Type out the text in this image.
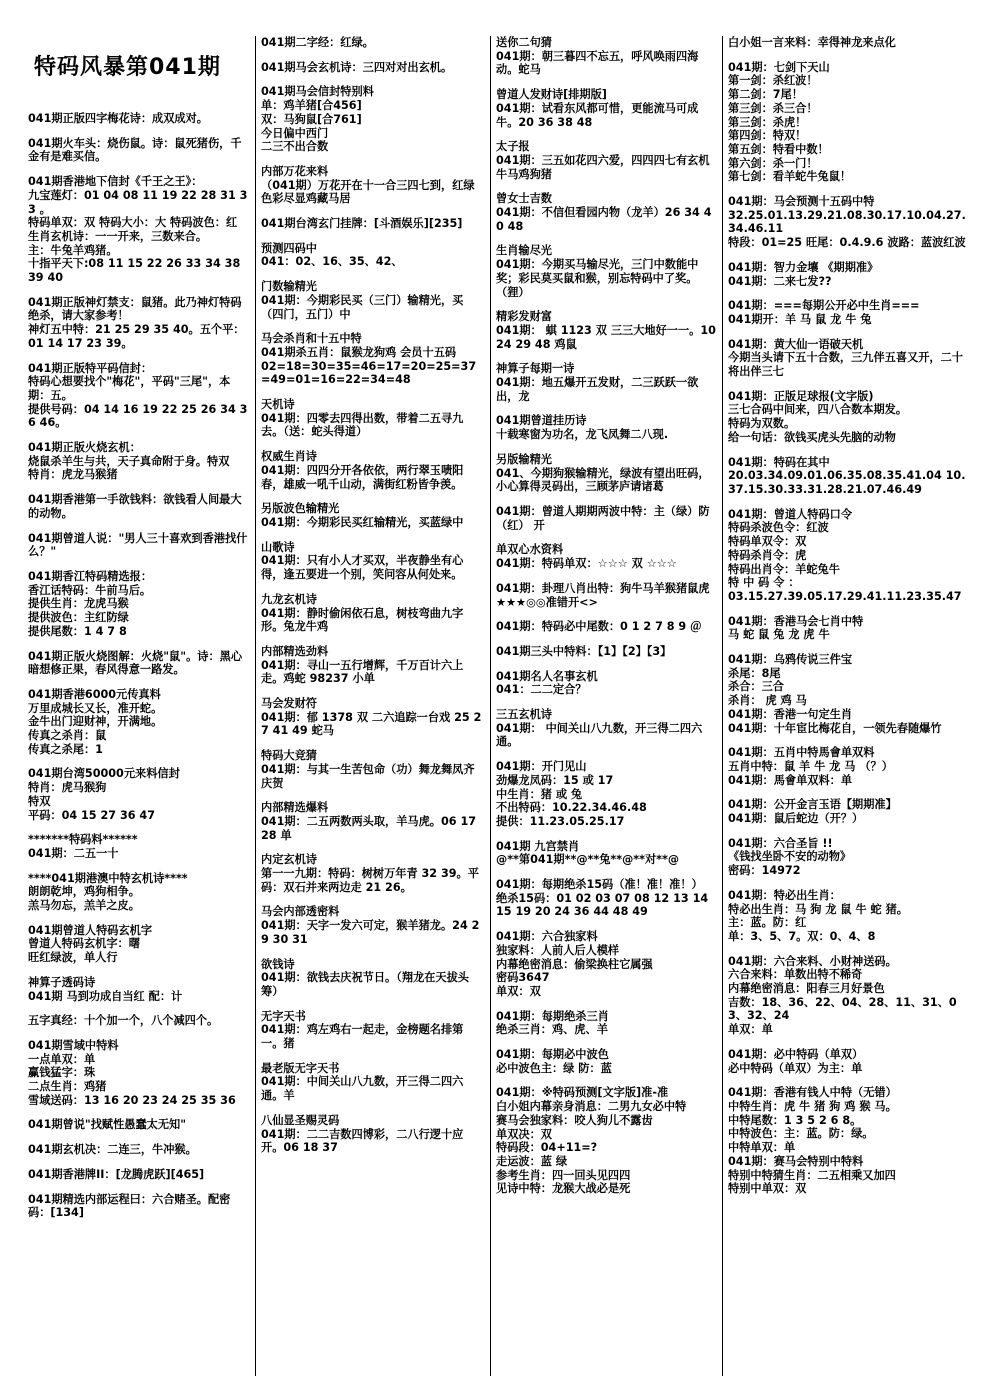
特码风暴第041期
041期正版四字梅花诗：成双成对。
041期火车头：烧伤鼠。诗：鼠死猪伤，千金有是难买信。
041期香港地下信封《千王之王》：
九宝莲灯：01 04 08 11 19 22 28 31 33 。
特码单双：双 特码大小：大 特码波色：红
生肖玄机诗：一一开来，三数来合。
主：牛兔羊鸡猪。
十指平天下:08 11 15 22 26 33 34 38 39 40
041期正版神灯禁支：鼠猪。此乃神灯特码绝杀，请大家参考！
神灯五中特：21 25 29 35 40。五个平：01 14 17 23 39。
041期正版特平码信封：
特码心想要找个"梅花"，平码"三尾"，本期：五。
提供号码：04 14 16 19 22 25 26 34 36 46。
041期正版火烧玄机：
烧鼠杀羊生与共，天子真命附于身。特双
特肖：虎龙马猴猪
041期香港第一手欲钱料：欲钱看人间最大的动物。
041期曾道人说："男人三十喜欢到香港找什么？"
041期香江特码精选报：
香江话特码：牛前马后。
提供生肖：龙虎马猴
提供波色：主红防绿
提供尾数：1 4 7 8
041期正版火烧图解：火烧"鼠"。诗：黑心暗想修正果，春风得意一路发。
041期香港6000元传真料
万里成城长又长，准开蛇。
金牛出门迎财神，开满地。
传真之杀肖：鼠
传真之杀尾：1
041期台湾50000元来料信封
特肖：虎马猴狗
特双
平码：04 15 27 36 47
*******特码料******
041期：二五一十
****041期港澳中特玄机诗****
朗朗乾坤，鸡狗相争。
羔马勿忘，羔羊之皮。
041期曾道人特码玄机字
曾道人特码玄机字：曙
旺红绿波，单人行
神算子透码诗
041期 马到功成自当红 配：计
五字真经：十个加一个，八个减四个。
041期雪域中特料
一点单双：单
赢钱猛字：珠
二点生肖：鸡猪
雪域送码：13 16 20 23 24 25 35 36
041期曾说"找赋性愚蠢太无知"
041期玄机决：二连三，牛冲猴。
041期香港牌II：[龙腾虎跃][465]
041期精选内部运程曰：六合赌圣。配密码：[134]
041期二字经：红绿。
041期马会玄机诗：三四对对出玄机。
041期马会信封特别料
单：鸡羊猪[合456]
双：马狗鼠[合761]
今日偏中西门
二三不出合数
内部万花来料
（041期）万花开在十一合三四七到，红绿色彩尽显鸡藏马居
041期台湾玄门挂牌：[斗酒娱乐][235]
预测四码中
041：02、16、35、42、
门数输精光
041期：今期彩民买（三门）输精光，买（四门，五门）中
马会杀肖和十五中特
041期杀五肖：鼠猴龙狗鸡 会员十五码
02=18=30=35=46=17=20=25=37=49=01=16=22=34=48
天机诗
041期：四零去四得出数，带着二五寻九去。（送：蛇头得道）
权威生肖诗
041期：四四分开各依依，两行翠玉啧阳春，雄威一吼千山动，满街红粉皆争羡。
另版波色输精光
041期：今期彩民买红输精光，买蓝绿中
山歌诗
041期：只有小人才买双，半夜静坐有心得，逢五要进一个别，笑问容从何处来。
九龙玄机诗
041期：静时偷闲依石息，树枝弯曲九字形。兔龙牛鸡
内部精选劲料
041期：寻山一五行增辉，千万百计六上走。鸡蛇 98237 小单
马会发财符
041期：郁 1378 双 二六追踪一台戏 25 27 41 49 蛇马
特码大竞猜
041期：与其一生苦包命（功）舞龙舞凤齐庆贺
内部精选爆料
041期：二五两数两头取，羊马虎。06 17 28 单
内定玄机诗
第一一九期：特码：树树万年青 32 39。平码：双石并来两边走 21 26。
马会内部透密料
041期：天字一发六可定，猴羊猪龙。24 29 30 31
欲钱诗
041期：欲钱去庆祝节日。（翔龙在天拔头筹）
无字天书
041期：鸡左鸡右一起走，金榜题名排第一。猪
最老版无字天书
041期：中间关山八九数，开三得二四六通。羊
八仙显圣赐灵码
041期：二二吉数四博彩，二八行逻十应开。06 18 37
送你二句猜
041期：朝三暮四不忘五，呼风唤雨四海动。蛇马
曾道人发财诗[排期版]
041期：试看东风都可惜，更能流马可成牛。20 36 38 48
太子报
041期：三五如花四六爱，四四四七有玄机 牛马鸡狗猪
曾女士吉数
041期：不信但看园内物（龙羊）26 34 40 48
生肖输尽光
041期：今期买马输尽光，三门中数能中奖；彩民莫买鼠和猴，别忘特码中了奖。（狸）
精彩发财富
041期： 蜞 1123 双 三三大地好一一。10 24 29 48 鸡鼠
神算子每期一诗
041期：地五爆开五发财，二三跃跃一欲出，龙
041期曾道挂历诗
十载寒窗为功名，龙飞凤舞二八现.
另版输精光
041、今期狗猴输精光，绿波有望出旺码，小心算得灵码出，三顾茅庐请诸葛
041期：曾道人期期两波中特：主（绿）防（红） 开
单双心水资料
041期：特码单双：☆☆☆ 双 ☆☆☆
041期：卦理八肖出特：狗牛马羊猴猪鼠虎★★★◎◎准错开<>
041期：特码必中尾数：0 1 2 7 8 9 ＠
041期三头中特料：【1】【2】【3】
041期名人名事玄机
041：二二定合？
三五玄机诗
041期： 中间关山八九数，开三得二四六通。
041期：开门见山
劲爆龙凤码：15 或 17
中生肖：猪 或 兔
不出特码：10.22.34.46.48
提供：11.23.05.25.17
041期 九宫禁肖
@**第041期**@**兔**@**对**@
041期：每期绝杀15码（准！准！准！）
绝杀15码：01 02 03 07 08 12 13 14 15 19 20 24 36 44 48 49
041期：六合独家料
独家料：人前人后人模样
内幕绝密消息：偷梁换柱它属强
密码3647
单双：双
041期：每期绝杀三肖
绝杀三肖：鸡、虎、羊
041期：每期必中波色
必中波色主：绿 防：蓝
041期：※特码预测[文字版]准-准
白小姐内幕亲身消息：二男九女必中特
赛马会独家料：咬人狗儿不露齿
单双决：双
特码段：04+11=?
走运波：蓝 绿
参考生肖：四一回头见四四
见诗中特：龙猴大战必是死
白小姐一言来料：幸得神龙来点化
041期：七剑下天山
第一剑：杀红波！
第二剑：7尾！
第三剑：杀三合！
第三剑：杀虎！
第四剑：特双！
第五剑：特看中数！
第六剑：杀一门！
第七剑：看羊蛇牛兔鼠！
041期：马会预测十五码中特
32.25.01.13.29.21.08.30.17.10.04.27.34.46.11
特段：01=25 旺尾：0.4.9.6 波路：蓝波红波
041期：智力金壤 《期期准》
041期：二来七发??
041期：===每期公开必中生肖===
041期开：羊 马 鼠 龙 牛 兔
041期：黄大仙一语破天机
今期当头请下五十合数，三九伴五喜又开，二十将出伴三七
041期：正版足球报(文字版)
三七合码中间来，四八合数本期发。
特码为双数。
给一句话：欲钱买虎头先脑的动物
041期：特码在其中
20.03.34.09.01.06.35.08.35.41.04 10.37.15.30.33.31.28.21.07.46.49
041期：曾道人特码口令
特码杀波色令：红波
特码单双令：双
特码杀肖令：虎
特码出肖令：羊蛇兔牛
特 中 码 令 ：
03.15.27.39.05.17.29.41.11.23.35.47
041期：香港马会七肖中特
马 蛇 鼠 兔 龙 虎 牛
041期：乌鸦传说三件宝
杀尾：8尾
杀合：三合
杀肖： 虎 鸡 马
041期：香港一句定生肖
041期：十年宦比梅花自，一领先春随爆竹
041期：五肖中特馬會单双料
五肖中特：鼠 羊 牛 龙 马 （？）
041期：馬會单双料：单
041期：公开金言玉语【期期准】
041期：鼠后蛇边（开？）
041期：六合圣旨 !!
《钱找坐卧不安的动物》
密码：14972
041期：特必出生肖：
特必出生肖：马 狗 龙 鼠 牛 蛇 猪。
主：蓝。防：红
单：3、5、7。双：0、4、8
041期：六合来料、小财神送码。
六合来料：单数出特不稀奇
内幕绝密消息：阳春三月好景色
吉数：18、36、22、04、28、11、31、03、32、24
单双：单
041期：必中特码（单双）
必中特码（单双）为主：单
041期：香港有钱人中特（无错）
中特生肖：虎 牛 猪 狗 鸡 猴 马。
中特尾数：1 3 5 2 6 8。
中特波色：主：蓝。防：绿。
中特单双：单
041期：赛马会特别中特料
特别中特猜生肖：二五相乘又加四
特别中单双：双
